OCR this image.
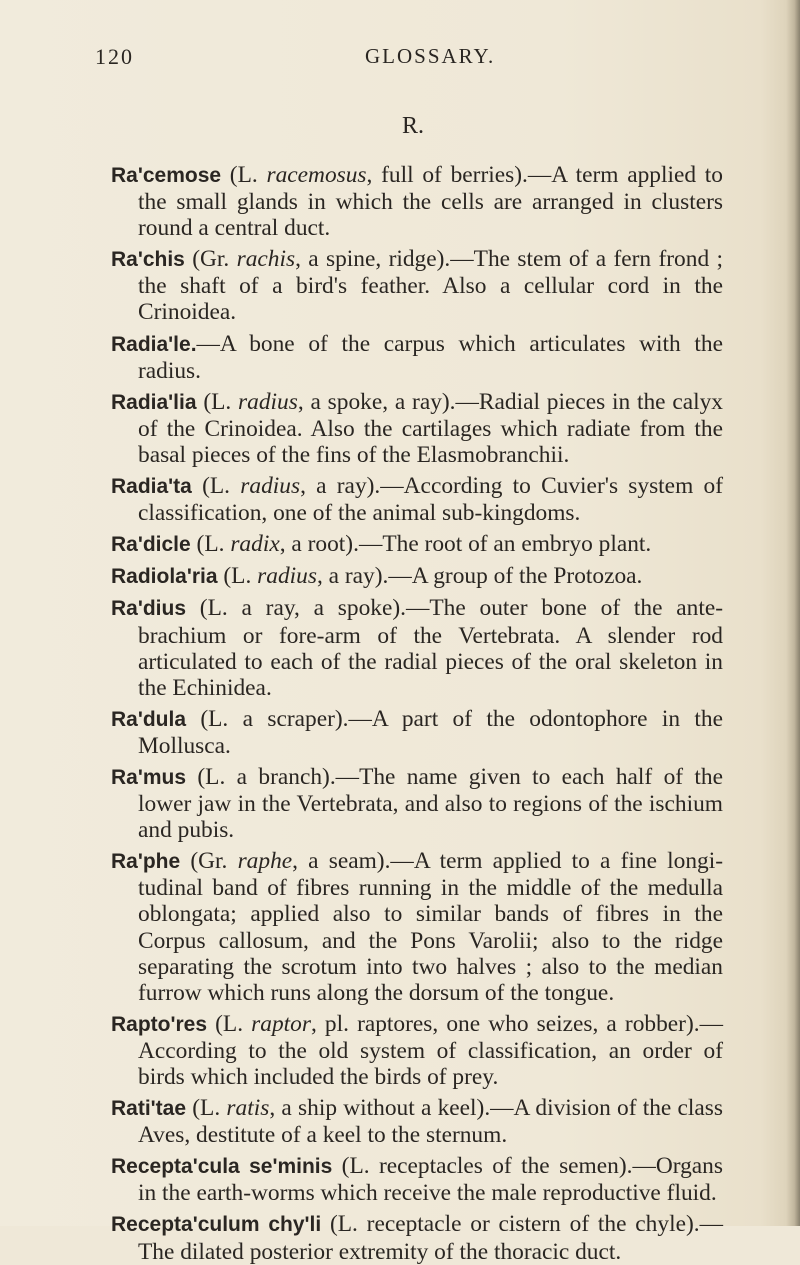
120	GLOSSARY.
R.

Ra'cemose (L. racemosus, full of berries).—A term applied to the small glands in which the cells are arranged in clusters round a central duct.

Ra'chis (Gr. rachis, a spine, ridge).—The stem of a fern frond ; the shaft of a bird's feather. Also a cellular cord in the Crinoidea.

Radia'le.—A bone of the carpus which articulates with the radius.

Radia'lia (L. radius, a spoke, a ray).—Radial pieces in the calyx of the Crinoidea. Also the cartilages which radiate from the basal pieces of the fins of the Elasmobranchii.

Radia'ta (L. radius, a ray).—According to Cuvier's system of classification, one of the animal sub-kingdoms.

Ra'dicle (L. radix, a root).—The root of an embryo plant.

Radiola'ria (L. radius, a ray).—A group of the Protozoa.

Ra'dius (L. a ray, a spoke).—The outer bone of the ante-brachium or fore-arm of the Vertebrata. A slender rod articulated to each of the radial pieces of the oral skeleton in the Echinidea.

Ra'dula (L. a scraper).—A part of the odontophore in the Mollusca.

Ra'mus (L. a branch).—The name given to each half of the lower jaw in the Vertebrata, and also to regions of the ischium and pubis.

Ra'phe (Gr. raphe, a seam).—A term applied to a fine longi-tudinal band of fibres running in the middle of the medulla oblongata; applied also to similar bands of fibres in the Corpus callosum, and the Pons Varolii; also to the ridge separating the scrotum into two halves ; also to the median furrow which runs along the dorsum of the tongue.

Rapto'res (L. raptor, pl. raptores, one who seizes, a robber).—According to the old system of classification, an order of birds which included the birds of prey.

Rati'tae (L. ratis, a ship without a keel).—A division of the class Aves, destitute of a keel to the sternum.

Recepta'cula se'minis (L. receptacles of the semen).—Organs in the earth-worms which receive the male reproductive fluid.

Recepta'culum chy'li (L. receptacle or cistern of the chyle).—The dilated posterior extremity of the thoracic duct.
